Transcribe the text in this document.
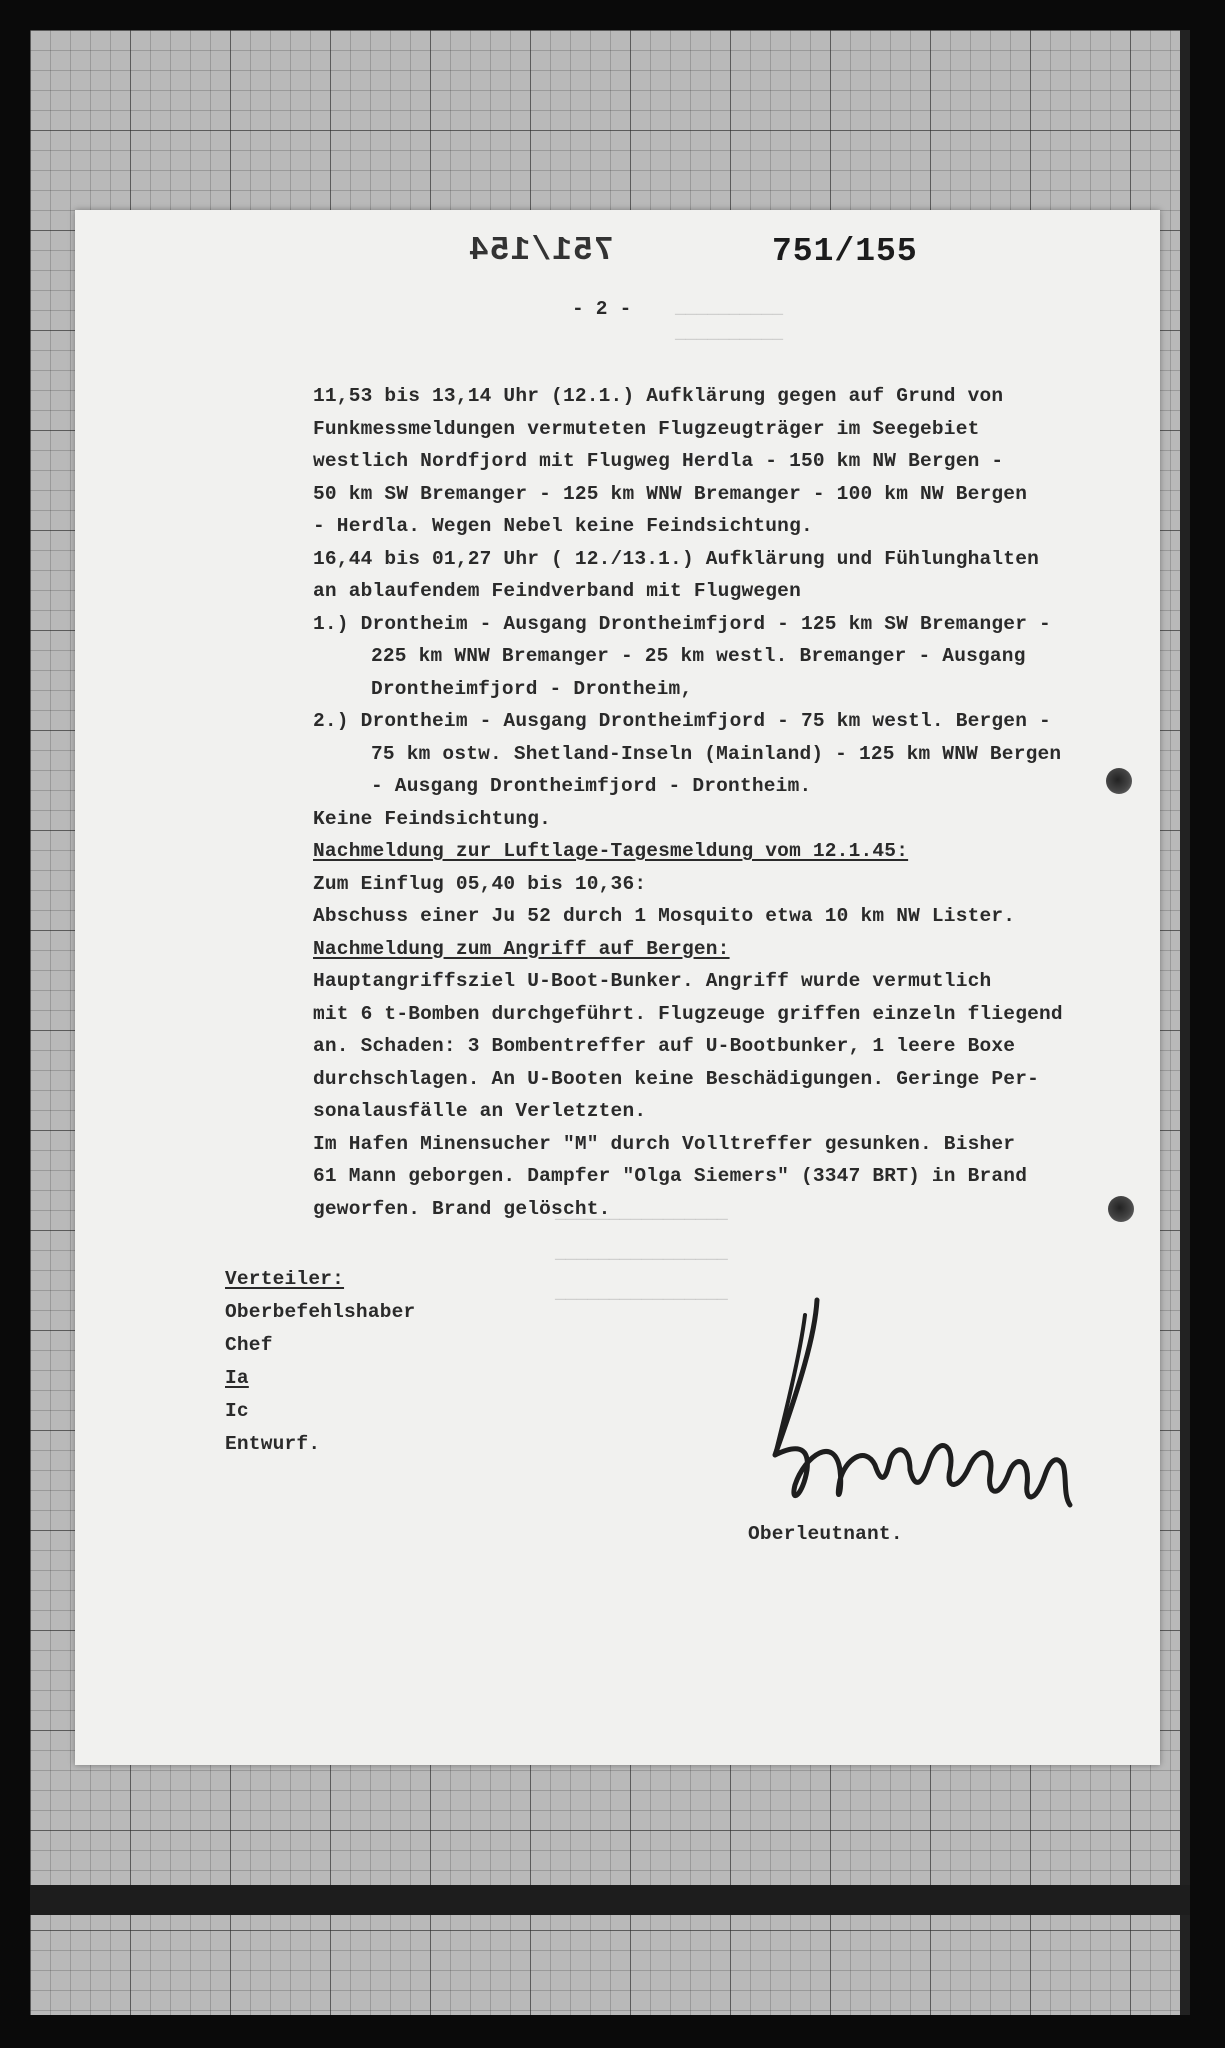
——————————
——————————
————————————————
————————————————
————————————————
751/154	751/155
- 2 -
11,53 bis 13,14 Uhr (12.1.) Aufklärung gegen auf Grund von
Funkmessmeldungen vermuteten Flugzeugträger im Seegebiet
westlich Nordfjord mit Flugweg Herdla - 150 km NW Bergen -
50 km SW Bremanger - 125 km WNW Bremanger - 100 km NW Bergen
- Herdla. Wegen Nebel keine Feindsichtung.
16,44 bis 01,27 Uhr ( 12./13.1.) Aufklärung und Fühlunghalten
an ablaufendem Feindverband mit Flugwegen
1.) Drontheim - Ausgang Drontheimfjord - 125 km SW Bremanger -
225 km WNW Bremanger - 25 km westl. Bremanger - Ausgang
Drontheimfjord - Drontheim,
2.) Drontheim - Ausgang Drontheimfjord - 75 km westl. Bergen -
75 km ostw. Shetland-Inseln (Mainland) - 125 km WNW Bergen
- Ausgang Drontheimfjord - Drontheim.
Keine Feindsichtung.
Nachmeldung zur Luftlage-Tagesmeldung vom 12.1.45:
Zum Einflug 05,40 bis 10,36:
Abschuss einer Ju 52 durch 1 Mosquito etwa 10 km NW Lister.
Nachmeldung zum Angriff auf Bergen:
Hauptangriffsziel U-Boot-Bunker. Angriff wurde vermutlich
mit 6 t-Bomben durchgeführt. Flugzeuge griffen einzeln fliegend
an. Schaden: 3 Bombentreffer auf U-Bootbunker, 1 leere Boxe
durchschlagen. An U-Booten keine Beschädigungen. Geringe Per-
sonalausfälle an Verletzten.
Im Hafen Minensucher "M" durch Volltreffer gesunken. Bisher
61 Mann geborgen. Dampfer "Olga Siemers" (3347 BRT) in Brand
geworfen. Brand gelöscht.
Verteiler:
Oberbefehlshaber
Chef
Ia
Ic
Entwurf.
Oberleutnant.
